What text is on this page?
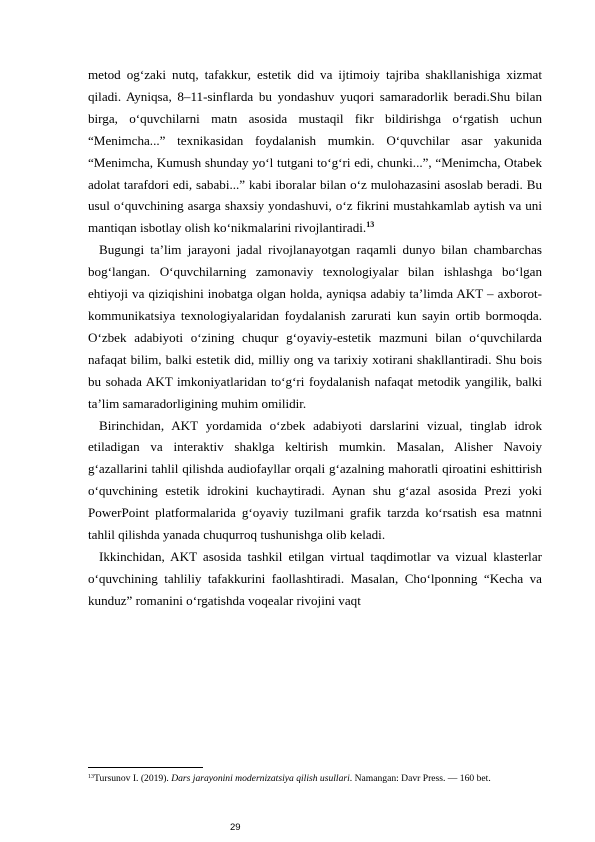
metod og‘zaki nutq, tafakkur, estetik did va ijtimoiy tajriba shakllanishiga xizmat qiladi. Ayniqsa, 8–11-sinflarda bu yondashuv yuqori samaradorlik beradi.Shu bilan birga, o‘quvchilarni matn asosida mustaqil fikr bildirishga o‘rgatish uchun “Menimcha...” texnikasidan foydalanish mumkin. O‘quvchilar asar yakunida “Menimcha, Kumush shunday yo‘l tutgani to‘g‘ri edi, chunki...”, “Menimcha, Otabek adolat tarafdori edi, sababi...” kabi iboralar bilan o‘z mulohazasini asoslab beradi. Bu usul o‘quvchining asarga shaxsiy yondashuvi, o‘z fikrini mustahkamlab aytish va uni mantiqan isbotlay olish ko‘nikmalarini rivojlantiradi.$^{13}$

Bugungi ta’lim jarayoni jadal rivojlanayotgan raqamli dunyo bilan chambarchas bog‘langan. O‘quvchilarning zamonaviy texnologiyalar bilan ishlashga bo‘lgan ehtiyoji va qiziqishini inobatga olgan holda, ayniqsa adabiy ta’limda AKT – axborot-kommunikatsiya texnologiyalaridan foydalanish zarurati kun sayin ortib bormoqda. O‘zbek adabiyoti o‘zining chuqur g‘oyaviy-estetik mazmuni bilan o‘quvchilarda nafaqat bilim, balki estetik did, milliy ong va tarixiy xotirani shakllantiradi. Shu bois bu sohada AKT imkoniyatlaridan to‘g‘ri foydalanish nafaqat metodik yangilik, balki ta’lim samaradorligining muhim omilidir.

Birinchidan, AKT yordamida o‘zbek adabiyoti darslarini vizual, tinglab idrok etiladigan va interaktiv shaklga keltirish mumkin. Masalan, Alisher Navoiy g‘azallarini tahlil qilishda audiofayllar orqali g‘azalning mahoratli qiroatini eshittirish o‘quvchining estetik idrokini kuchaytiradi. Aynan shu g‘azal asosida Prezi yoki PowerPoint platformalarida g‘oyaviy tuzilmani grafik tarzda ko‘rsatish esa matnni tahlil qilishda yanada chuqurroq tushunishga olib keladi.

Ikkinchidan, AKT asosida tashkil etilgan virtual taqdimotlar va vizual klasterlar o‘quvchining tahliliy tafakkurini faollashtiradi. Masalan, Cho‘lponning “Kecha va kunduz” romanini o‘rgatishda voqealar rivojini vaqt

$^{13}$Tursunov I. (2019). Dars jarayonini modernizatsiya qilish usullari. Namangan: Davr Press. — 160 bet.
29
